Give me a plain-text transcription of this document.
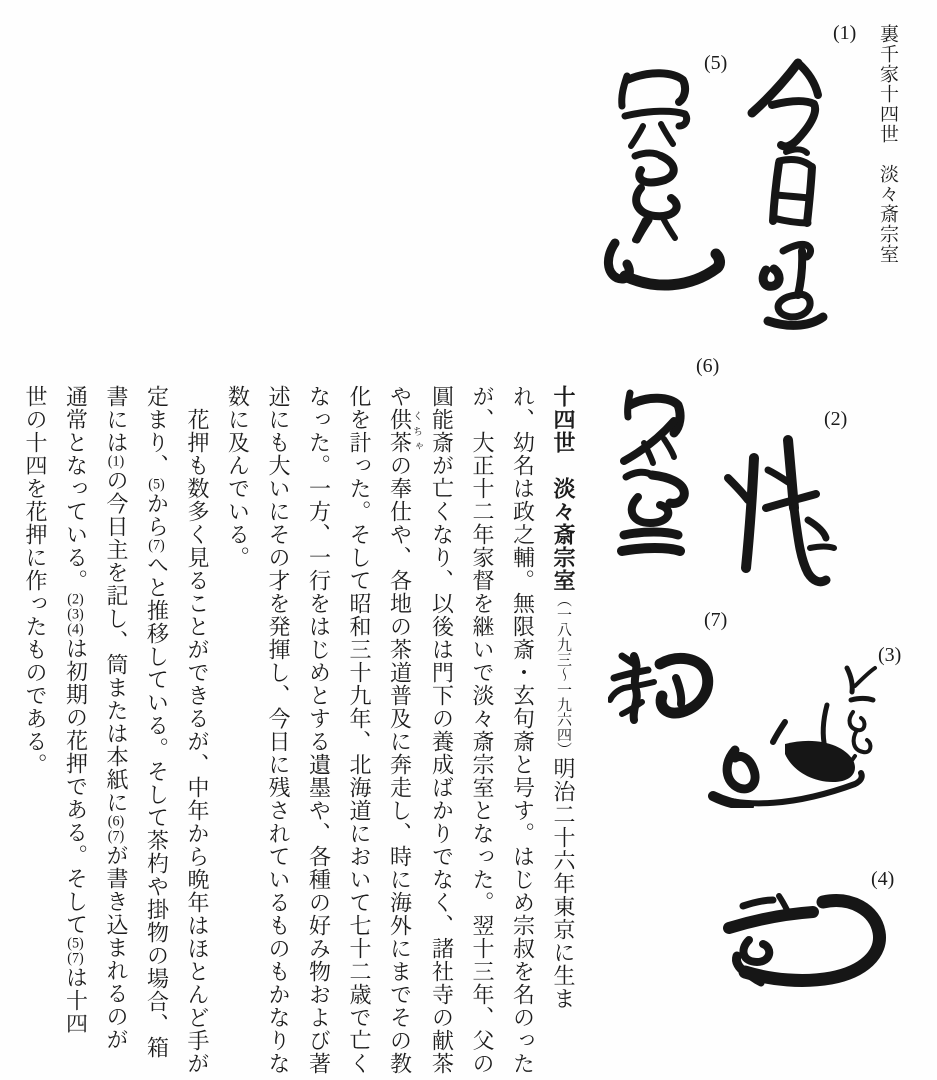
裏千家十四世　淡々斎宗室
(1)
(2)
(3)
(4)
(5)
(6)
(7)
十四世　淡々斎宗室（一八九三～一九六四）明治二十六年東京に生ま
れ、幼名は政之輔。無限斎・玄句斎と号す。はじめ宗叔を名のった
が、大正十二年家督を継いで淡々斎宗室となった。翌十三年、父の
圓能斎が亡くなり、以後は門下の養成ばかりでなく、諸社寺の献茶
や供茶くちゃの奉仕や、各地の茶道普及に奔走し、時に海外にまでその教
化を計った。そして昭和三十九年、北海道において七十二歳で亡く
なった。一方、一行をはじめとする遺墨や、各種の好み物および著
述にも大いにその才を発揮し、今日に残されているものもかなりな
数に及んでいる。
　花押も数多く見ることができるが、中年から晩年はほとんど手が
定まり、(5)から(7)へと推移している。そして茶杓や掛物の場合、箱
書には(1)の今日主を記し、筒または本紙に(6)(7)が書き込まれるのが
通常となっている。(2)(3)(4)は初期の花押である。そして(5)(7)は十四
世の十四を花押に作ったものである。
